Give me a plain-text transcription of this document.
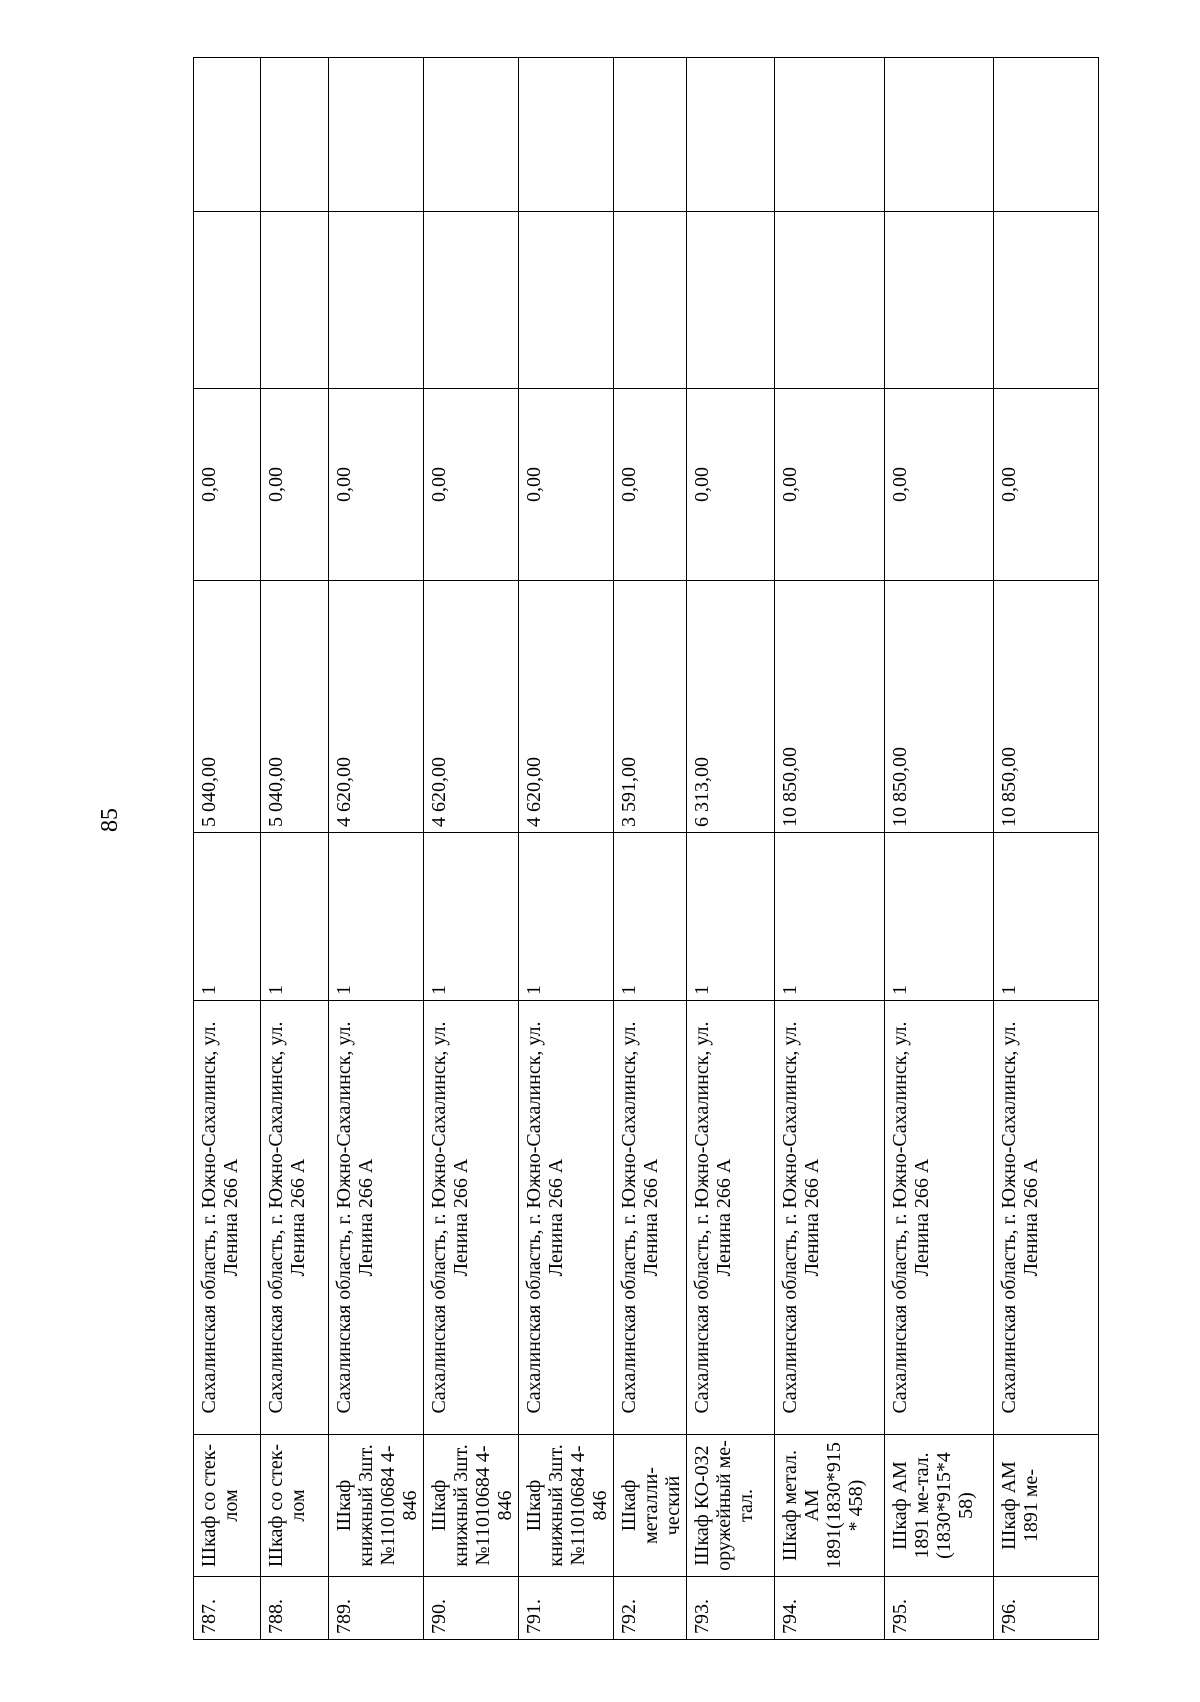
85
787.	Шкаф со стек-лом	Сахалинская область, г. Южно-Сахалинск, ул. Ленина 266 А	1	5 040,00	0,00		
788.	Шкаф со стек-лом	Сахалинская область, г. Южно-Сахалинск, ул. Ленина 266 А	1	5 040,00	0,00		
789.	Шкаф книжный 3шт.№11010684 4-846	Сахалинская область, г. Южно-Сахалинск, ул. Ленина 266 А	1	4 620,00	0,00		
790.	Шкаф книжный 3шт.№11010684 4-846	Сахалинская область, г. Южно-Сахалинск, ул. Ленина 266 А	1	4 620,00	0,00		
791.	Шкаф книжный 3шт.№11010684 4-846	Сахалинская область, г. Южно-Сахалинск, ул. Ленина 266 А	1	4 620,00	0,00		
792.	Шкаф металли-ческий	Сахалинская область, г. Южно-Сахалинск, ул. Ленина 266 А	1	3 591,00	0,00		
793.	Шкаф КО-032 оружейный ме-тал.	Сахалинская область, г. Южно-Сахалинск, ул. Ленина 266 А	1	6 313,00	0,00		
794.	Шкаф метал. АМ 1891(1830*915* 458)	Сахалинская область, г. Южно-Сахалинск, ул. Ленина 266 А	1	10 850,00	0,00		
795.	Шкаф АМ 1891 ме-тал.(1830*915*4 58)	Сахалинская область, г. Южно-Сахалинск, ул. Ленина 266 А	1	10 850,00	0,00		
796.	Шкаф АМ 1891 ме-	Сахалинская область, г. Южно-Сахалинск, ул. Ленина 266 А	1	10 850,00	0,00		
